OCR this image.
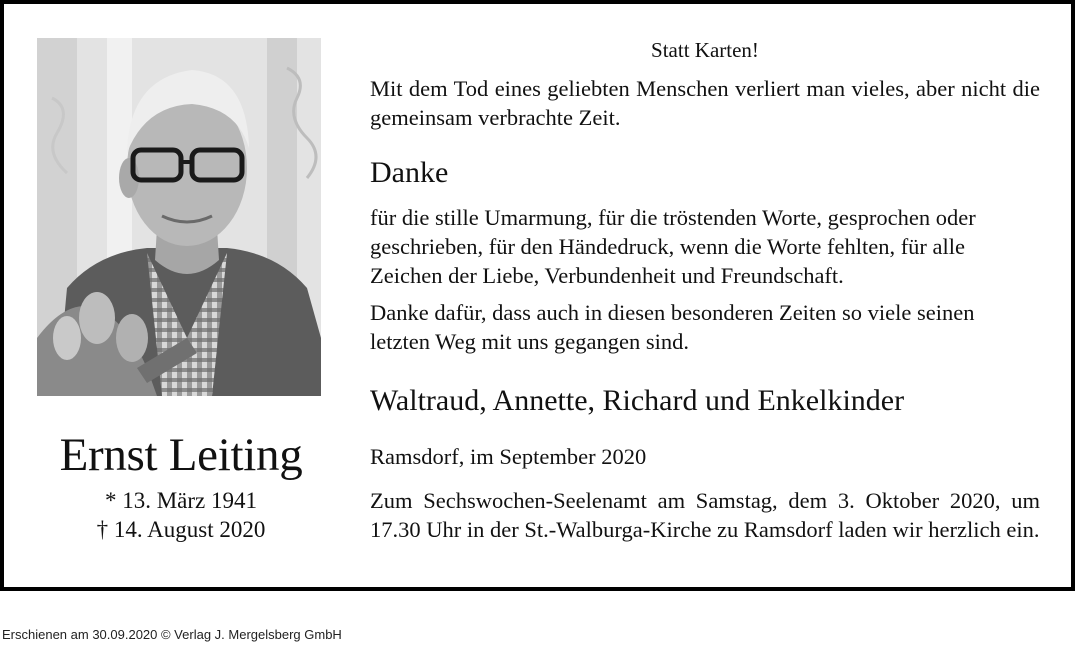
Ernst Leiting
* 13. März 1941
† 14. August 2020
Statt Karten!
Mit dem Tod eines geliebten Menschen verliert man vieles, aber nicht die gemeinsam verbrachte Zeit.
Danke
für die stille Umarmung, für die tröstenden Worte, gesprochen oder geschrieben, für den Händedruck, wenn die Worte fehlten, für alle Zeichen der Liebe, Verbundenheit und Freundschaft.
Danke dafür, dass auch in diesen besonderen Zeiten so viele seinen letzten Weg mit uns gegangen sind.
Waltraud, Annette, Richard und Enkelkinder
Ramsdorf, im September 2020
Zum Sechswochen-Seelenamt am Samstag, dem 3. Oktober 2020, um 17.30 Uhr in der St.-Walburga-Kirche zu Ramsdorf laden wir herzlich ein.
Erschienen am 30.09.2020 © Verlag J. Mergelsberg GmbH
